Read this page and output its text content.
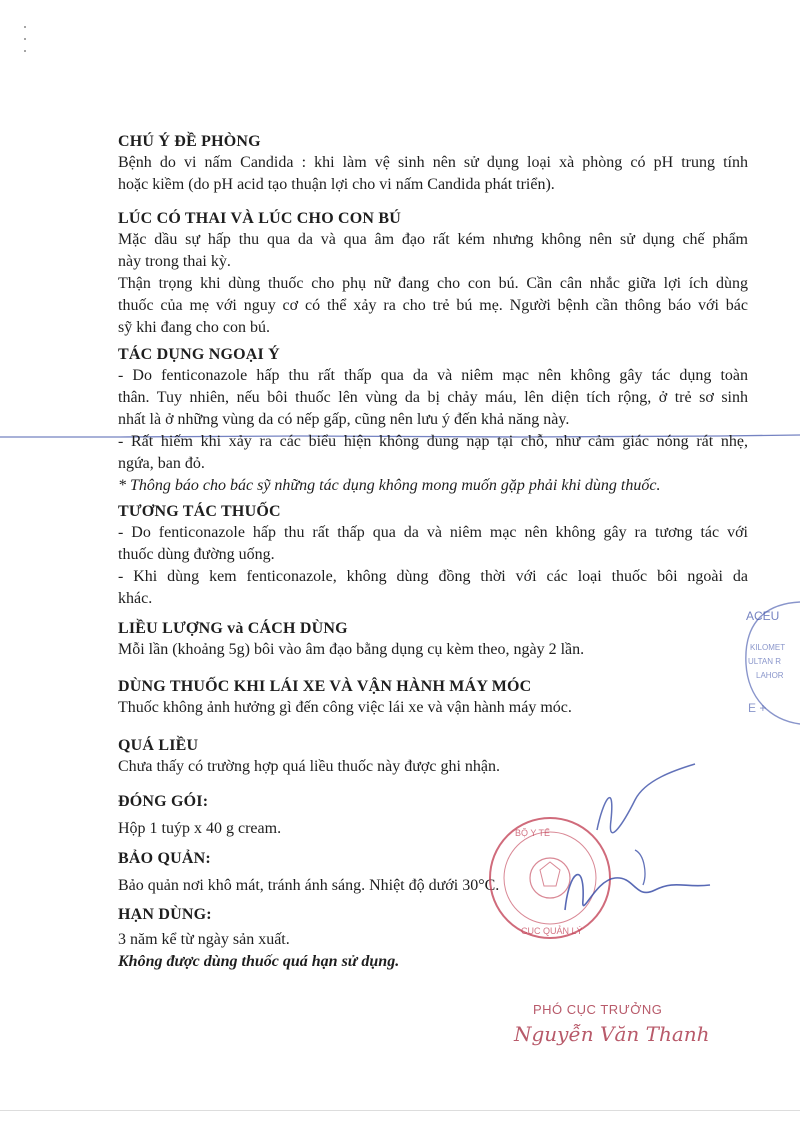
CHÚ Ý ĐỀ PHÒNG
Bệnh do vi nấm Candida : khi làm vệ sinh nên sử dụng loại xà phòng có pH trung tính
hoặc kiềm (do pH acid tạo thuận lợi cho vi nấm Candida phát triển).
LÚC CÓ THAI VÀ LÚC CHO CON BÚ
Mặc dầu sự hấp thu qua da và qua âm đạo rất kém nhưng không nên sử dụng chế phẩm
này trong thai kỳ.
Thận trọng khi dùng thuốc cho phụ nữ đang cho con bú. Cần cân nhắc giữa lợi ích dùng
thuốc của mẹ với nguy cơ có thể xảy ra cho trẻ bú mẹ. Người bệnh cần thông báo với bác
sỹ khi đang cho con bú.
TÁC DỤNG NGOẠI Ý
- Do fenticonazole hấp thu rất thấp qua da và niêm mạc nên không gây tác dụng toàn
thân. Tuy nhiên, nếu bôi thuốc lên vùng da bị chảy máu, lên diện tích rộng, ở trẻ sơ sinh
nhất là ở những vùng da có nếp gấp, cũng nên lưu ý đến khả năng này.
- Rất hiếm khi xảy ra các biểu hiện không dung nạp tại chỗ, như cảm giác nóng rát nhẹ,
ngứa, ban đỏ.
* Thông báo cho bác sỹ những tác dụng không mong muốn gặp phải khi dùng thuốc.
TƯƠNG TÁC THUỐC
- Do fenticonazole hấp thu rất thấp qua da và niêm mạc nên không gây ra tương tác với
thuốc dùng đường uống.
- Khi dùng kem fenticonazole, không dùng đồng thời với các loại thuốc bôi ngoài da
khác.
LIỀU LƯỢNG và CÁCH DÙNG
Mỗi lần (khoảng 5g) bôi vào âm đạo bằng dụng cụ kèm theo, ngày 2 lần.
DÙNG THUỐC KHI LÁI XE VÀ VẬN HÀNH MÁY MÓC
Thuốc không ảnh hưởng gì đến công việc lái xe và vận hành máy móc.
QUÁ LIỀU
Chưa thấy có trường hợp quá liều thuốc này được ghi nhận.
ĐÓNG GÓI:
Hộp 1 tuýp x 40 g cream.
BẢO QUẢN:
Bảo quản nơi khô mát, tránh ánh sáng. Nhiệt độ dưới 30°C.
HẠN DÙNG:
3 năm kể từ ngày sản xuất.
Không được dùng thuốc quá hạn sử dụng.
ACEU
KILOMET
ULTAN R
LAHOR
E +
BỘ Y TẾ
CỤC QUẢN LÝ
PHÓ CỤC TRƯỞNG
Nguyễn Văn Thanh
